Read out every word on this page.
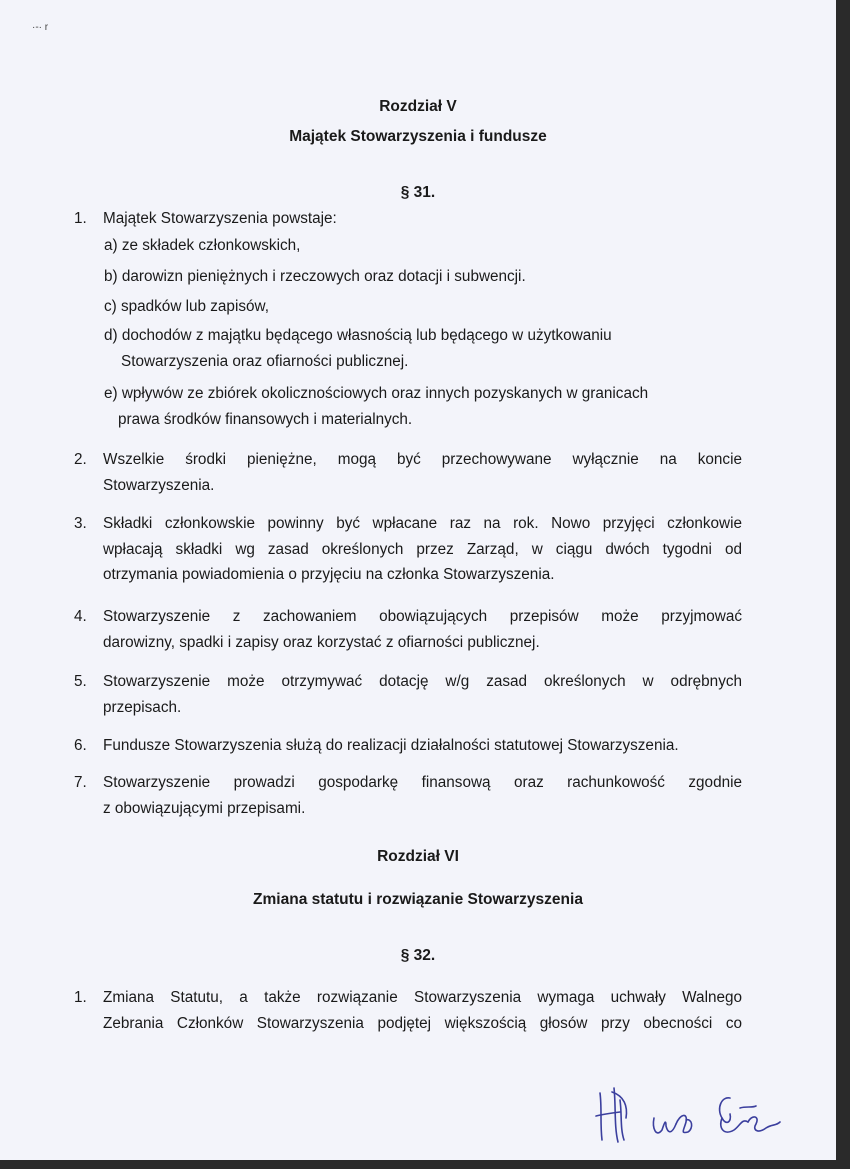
·-· r
Rozdział V
Majątek Stowarzyszenia i fundusze
§ 31.
1. Majątek Stowarzyszenia powstaje:
a) ze składek członkowskich,
b) darowizn pieniężnych i rzeczowych oraz dotacji i subwencji.
c) spadków lub zapisów,
d) dochodów z majątku będącego własnością lub będącego w użytkowaniu
Stowarzyszenia oraz ofiarności publicznej.
e) wpływów ze zbiórek okolicznościowych oraz innych pozyskanych w granicach
prawa środków finansowych i materialnych.
2. Wszelkie środki pieniężne, mogą być przechowywane wyłącznie na koncie
Stowarzyszenia.
3. Składki członkowskie powinny być wpłacane raz na rok. Nowo przyjęci członkowie
wpłacają składki wg zasad określonych przez Zarząd, w ciągu dwóch tygodni od
otrzymania powiadomienia o przyjęciu na członka Stowarzyszenia.
4. Stowarzyszenie z zachowaniem obowiązujących przepisów może przyjmować
darowizny, spadki i zapisy oraz korzystać z ofiarności publicznej.
5. Stowarzyszenie może otrzymywać dotację w/g zasad określonych w odrębnych
przepisach.
6. Fundusze Stowarzyszenia służą do realizacji działalności statutowej Stowarzyszenia.
7. Stowarzyszenie prowadzi gospodarkę finansową oraz rachunkowość zgodnie
z obowiązującymi przepisami.
Rozdział VI
Zmiana statutu i rozwiązanie Stowarzyszenia
§ 32.
1. Zmiana Statutu, a także rozwiązanie Stowarzyszenia wymaga uchwały Walnego
Zebrania Członków Stowarzyszenia podjętej większością głosów przy obecności co
